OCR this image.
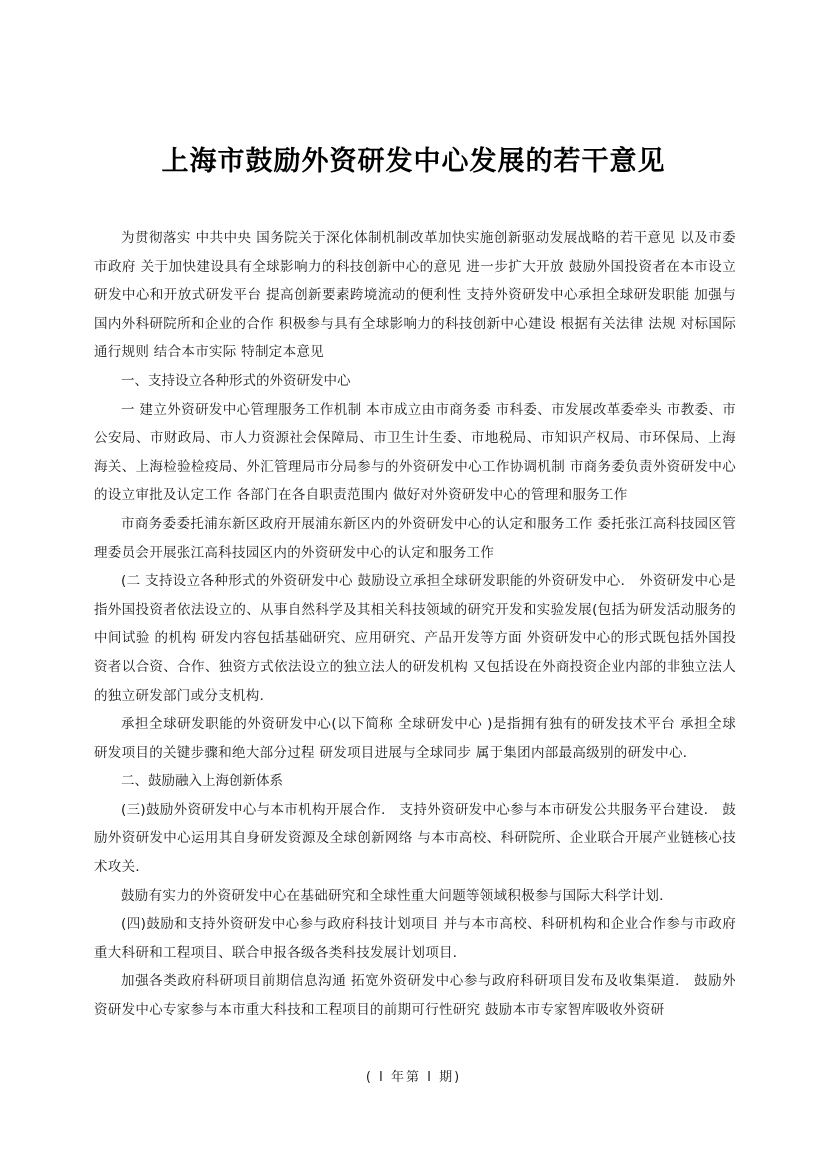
上海市鼓励外资研发中心发展的若干意见

为贯彻落实 中共中央 国务院关于深化体制机制改革加快实施创新驱动发展战略的若干意见 以及市委 市政府 关于加快建设具有全球影响力的科技创新中心的意见 进一步扩大开放 鼓励外国投资者在本市设立研发中心和开放式研发平台 提高创新要素跨境流动的便利性 支持外资研发中心承担全球研发职能 加强与国内外科研院所和企业的合作 积极参与具有全球影响力的科技创新中心建设 根据有关法律 法规 对标国际通行规则 结合本市实际 特制定本意见

一、支持设立各种形式的外资研发中心

一 建立外资研发中心管理服务工作机制 本市成立由市商务委 市科委、市发展改革委牵头 市教委、市公安局、市财政局、市人力资源社会保障局、市卫生计生委、市地税局、市知识产权局、市环保局、上海海关、上海检验检疫局、外汇管理局市分局参与的外资研发中心工作协调机制 市商务委负责外资研发中心的设立审批及认定工作 各部门在各自职责范围内 做好对外资研发中心的管理和服务工作

市商务委委托浦东新区政府开展浦东新区内的外资研发中心的认定和服务工作 委托张江高科技园区管理委员会开展张江高科技园区内的外资研发中心的认定和服务工作

(二 支持设立各种形式的外资研发中心 鼓励设立承担全球研发职能的外资研发中心． 外资研发中心是指外国投资者依法设立的、从事自然科学及其相关科技领域的研究开发和实验发展(包括为研发活动服务的中间试验 的机构 研发内容包括基础研究、应用研究、产品开发等方面 外资研发中心的形式既包括外国投资者以合资、合作、独资方式依法设立的独立法人的研发机构 又包括设在外商投资企业内部的非独立法人的独立研发部门或分支机构．

承担全球研发职能的外资研发中心(以下简称 全球研发中心 )是指拥有独有的研发技术平台 承担全球研发项目的关键步骤和绝大部分过程 研发项目进展与全球同步 属于集团内部最高级别的研发中心．

二、鼓励融入上海创新体系

(三)鼓励外资研发中心与本市机构开展合作． 支持外资研发中心参与本市研发公共服务平台建设． 鼓励外资研发中心运用其自身研发资源及全球创新网络 与本市高校、科研院所、企业联合开展产业链核心技术攻关．

鼓励有实力的外资研发中心在基础研究和全球性重大问题等领域积极参与国际大科学计划．

(四)鼓励和支持外资研发中心参与政府科技计划项目 并与本市高校、科研机构和企业合作参与市政府重大科研和工程项目、联合申报各级各类科技发展计划项目．

加强各类政府科研项目前期信息沟通 拓宽外资研发中心参与政府科研项目发布及收集渠道． 鼓励外资研发中心专家参与本市重大科技和工程项目的前期可行性研究 鼓励本市专家智库吸收外资研

( I 年第 I 期)
